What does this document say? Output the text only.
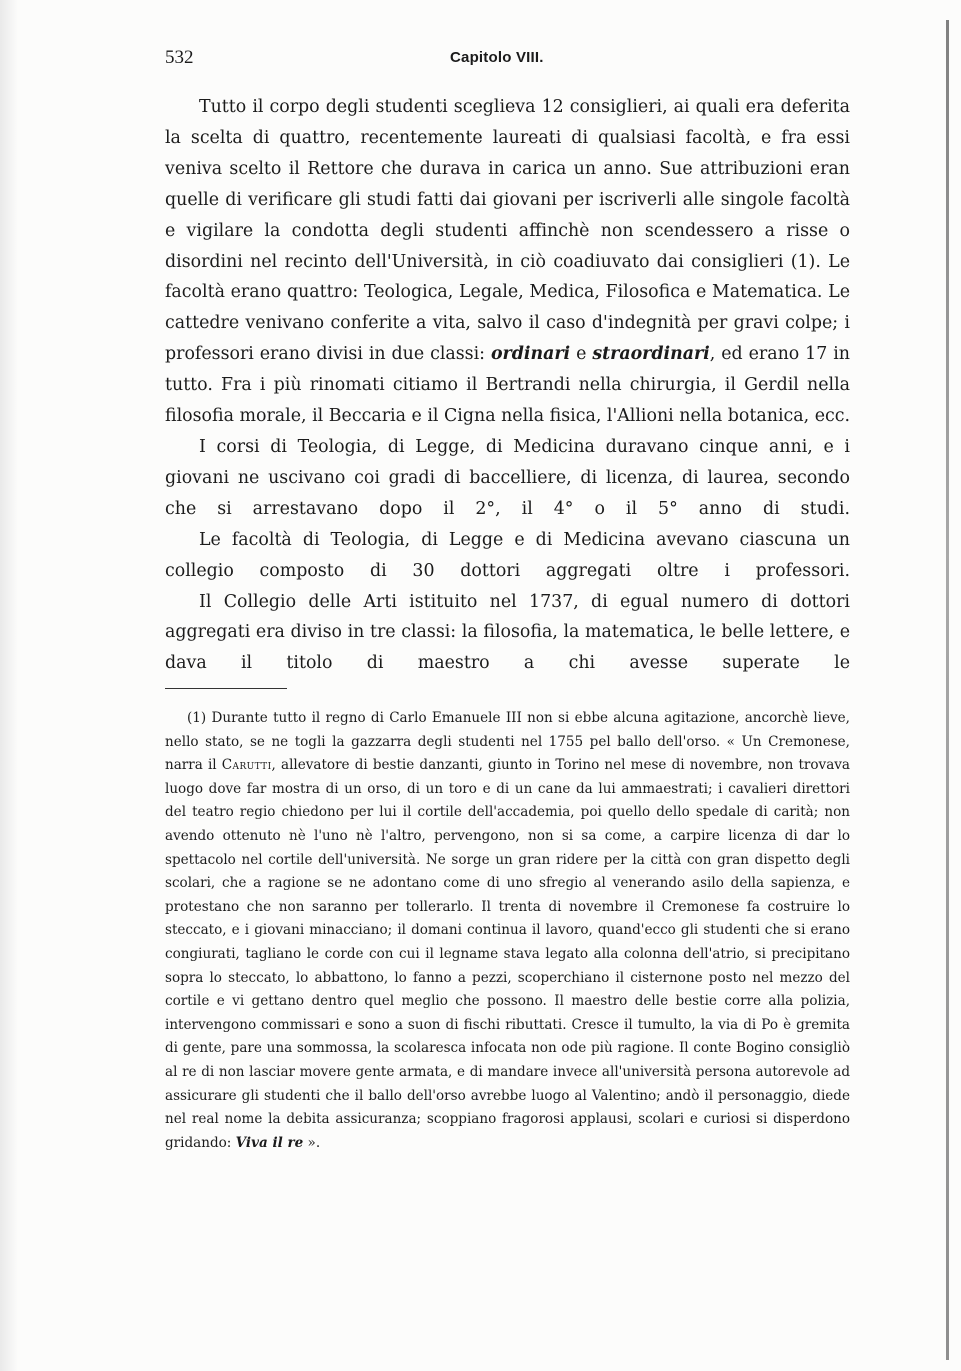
532	Capitolo VIII.

Tutto il corpo degli studenti sceglieva 12 consiglieri, ai quali era deferita la scelta di quattro, recentemente laureati di qualsiasi facoltà, e fra essi veniva scelto il Rettore che durava in carica un anno. Sue attribuzioni eran quelle di verificare gli studi fatti dai giovani per iscriverli alle singole facoltà e vigilare la condotta degli studenti affinchè non scendessero a risse o disordini nel recinto dell'Università, in ciò coadiuvato dai consiglieri (1). Le facoltà erano quattro: Teologica, Legale, Medica, Filosofica e Matematica. Le cattedre venivano conferite a vita, salvo il caso d'indegnità per gravi colpe; i professori erano divisi in due classi: ordinari e straordinari, ed erano 17 in tutto. Fra i più rinomati citiamo il Bertrandi nella chirurgia, il Gerdil nella filosofia morale, il Beccaria e il Cigna nella fisica, l'Allioni nella botanica, ecc.

I corsi di Teologia, di Legge, di Medicina duravano cinque anni, e i giovani ne uscivano coi gradi di baccelliere, di licenza, di laurea, secondo che si arrestavano dopo il 2°, il 4° o il 5° anno di studi.

Le facoltà di Teologia, di Legge e di Medicina avevano ciascuna un collegio composto di 30 dottori aggregati oltre i professori.

Il Collegio delle Arti istituito nel 1737, di egual numero di dottori aggregati era diviso in tre classi: la filosofia, la matematica, le belle lettere, e dava il titolo di maestro a chi avesse superate le

(1) Durante tutto il regno di Carlo Emanuele III non si ebbe alcuna agitazione, ancorchè lieve, nello stato, se ne togli la gazzarra degli studenti nel 1755 pel ballo dell'orso. « Un Cremonese, narra il Carutti, allevatore di bestie danzanti, giunto in Torino nel mese di novembre, non trovava luogo dove far mostra di un orso, di un toro e di un cane da lui ammaestrati; i cavalieri direttori del teatro regio chiedono per lui il cortile dell'accademia, poi quello dello spedale di carità; non avendo ottenuto nè l'uno nè l'altro, pervengono, non si sa come, a carpire licenza di dar lo spettacolo nel cortile dell'università. Ne sorge un gran ridere per la città con gran dispetto degli scolari, che a ragione se ne adontano come di uno sfregio al venerando asilo della sapienza, e protestano che non saranno per tollerarlo. Il trenta di novembre il Cremonese fa costruire lo steccato, e i giovani minacciano; il domani continua il lavoro, quand'ecco gli studenti che si erano congiurati, tagliano le corde con cui il legname stava legato alla colonna dell'atrio, si precipitano sopra lo steccato, lo abbattono, lo fanno a pezzi, scoperchiano il cisternone posto nel mezzo del cortile e vi gettano dentro quel meglio che possono. Il maestro delle bestie corre alla polizia, intervengono commissari e sono a suon di fischi ributtati. Cresce il tumulto, la via di Po è gremita di gente, pare una sommossa, la scolaresca infocata non ode più ragione. Il conte Bogino consigliò al re di non lasciar movere gente armata, e di mandare invece all'università persona autorevole ad assicurare gli studenti che il ballo dell'orso avrebbe luogo al Valentino; andò il personaggio, diede nel real nome la debita assicuranza; scoppiano fragorosi applausi, scolari e curiosi si disperdono gridando: Viva il re ».
